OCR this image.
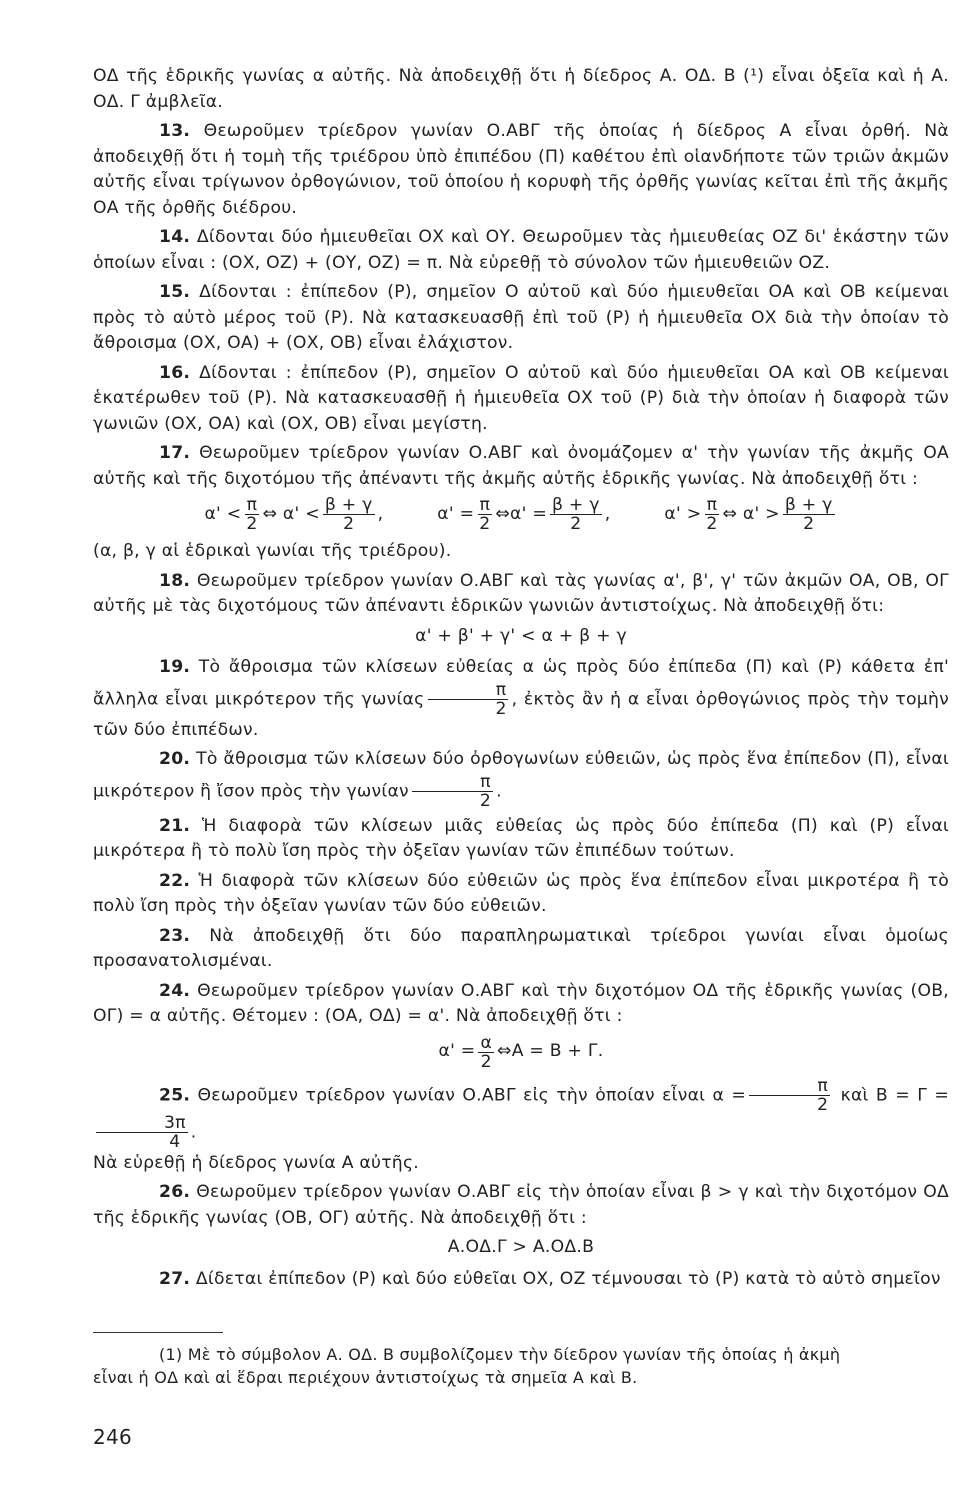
ΟΔ τῆς ἑδρικῆς γωνίας α αὐτῆς. Νὰ ἀποδειχθῇ ὅτι ἡ δίεδρος Α. ΟΔ. Β (¹) εἶναι ὀξεῖα καὶ ἡ Α. ΟΔ. Γ ἀμβλεῖα.

13. Θεωροῦμεν τρίεδρον γωνίαν Ο.ΑΒΓ τῆς ὁποίας ἡ δίεδρος Α εἶναι ὀρθή. Νὰ ἀποδειχθῇ ὅτι ἡ τομὴ τῆς τριέδρου ὑπὸ ἐπιπέδου (Π) καθέτου ἐπὶ οἱανδήποτε τῶν τριῶν ἀκμῶν αὐτῆς εἶναι τρίγωνον ὀρθογώνιον, τοῦ ὁποίου ἡ κορυφὴ τῆς ὀρθῆς γωνίας κεῖται ἐπὶ τῆς ἀκμῆς ΟΑ τῆς ὀρθῆς διέδρου.

14. Δίδονται δύο ἡμιευθεῖαι ΟΧ καὶ ΟΥ. Θεωροῦμεν τὰς ἡμιευθείας ΟΖ δι' ἑκάστην τῶν ὁποίων εἶναι : (ΟΧ, ΟΖ) + (ΟΥ, ΟΖ) = π. Νὰ εὑρεθῇ τὸ σύνολον τῶν ἡμιευθειῶν ΟΖ.

15. Δίδονται : ἐπίπεδον (Ρ), σημεῖον Ο αὐτοῦ καὶ δύο ἡμιευθεῖαι ΟΑ καὶ ΟΒ κείμεναι πρὸς τὸ αὐτὸ μέρος τοῦ (Ρ). Νὰ κατασκευασθῇ ἐπὶ τοῦ (Ρ) ἡ ἡμιευθεῖα ΟΧ διὰ τὴν ὁποίαν τὸ ἄθροισμα (ΟΧ, ΟΑ) + (ΟΧ, ΟΒ) εἶναι ἐλάχιστον.

16. Δίδονται : ἐπίπεδον (Ρ), σημεῖον Ο αὐτοῦ καὶ δύο ἡμιευθεῖαι ΟΑ καὶ ΟΒ κείμεναι ἑκατέρωθεν τοῦ (Ρ). Νὰ κατασκευασθῇ ἡ ἡμιευθεῖα ΟΧ τοῦ (Ρ) διὰ τὴν ὁποίαν ἡ διαφορὰ τῶν γωνιῶν (ΟΧ, ΟΑ) καὶ (ΟΧ, ΟΒ) εἶναι μεγίστη.

17. Θεωροῦμεν τρίεδρον γωνίαν Ο.ΑΒΓ καὶ ὀνομάζομεν α' τὴν γωνίαν τῆς ἀκμῆς ΟΑ αὐτῆς καὶ τῆς διχοτόμου τῆς ἀπέναντι τῆς ἀκμῆς αὐτῆς ἑδρικῆς γωνίας. Νὰ ἀποδειχθῇ ὅτι :

$\alpha' < \frac{\pi}{2}$ ⇔ $\alpha' < \frac{\beta + \gamma}{2}$ ,	$\alpha' = \frac{\pi}{2}$ ⇔α' = $\frac{\beta + \gamma}{2}$ ,	$\alpha' > \frac{\pi}{2}$ ⇔ $\alpha' > \frac{\beta + \gamma}{2}$

(α, β, γ αἱ ἑδρικαὶ γωνίαι τῆς τριέδρου).

18. Θεωροῦμεν τρίεδρον γωνίαν Ο.ΑΒΓ καὶ τὰς γωνίας α', β', γ' τῶν ἀκμῶν ΟΑ, ΟΒ, ΟΓ αὐτῆς μὲ τὰς διχοτόμους τῶν ἀπέναντι ἑδρικῶν γωνιῶν ἀντιστοίχως. Νὰ ἀποδειχθῇ ὅτι:

α' + β' + γ' < α + β + γ

19. Τὸ ἄθροισμα τῶν κλίσεων εὐθείας α ὡς πρὸς δύο ἐπίπεδα (Π) καὶ (Ρ) κάθετα ἐπ' ἄλληλα εἶναι μικρότερον τῆς γωνίας $\frac{\pi}{2}$ , ἐκτὸς ἂν ἡ α εἶναι ὀρθογώνιος πρὸς τὴν τομὴν τῶν δύο ἐπιπέδων.

20. Τὸ ἄθροισμα τῶν κλίσεων δύο ὀρθογωνίων εὐθειῶν, ὡς πρὸς ἕνα ἐπίπεδον (Π), εἶναι μικρότερον ἢ ἴσον πρὸς τὴν γωνίαν $\frac{\pi}{2}$ .

21. Ἡ διαφορὰ τῶν κλίσεων μιᾶς εὐθείας ὡς πρὸς δύο ἐπίπεδα (Π) καὶ (Ρ) εἶναι μικρότερα ἢ τὸ πολὺ ἴση πρὸς τὴν ὀξεῖαν γωνίαν τῶν ἐπιπέδων τούτων.

22. Ἡ διαφορὰ τῶν κλίσεων δύο εὐθειῶν ὡς πρὸς ἕνα ἐπίπεδον εἶναι μικροτέρα ἢ τὸ πολὺ ἴση πρὸς τὴν ὀξεῖαν γωνίαν τῶν δύο εὐθειῶν.

23. Νὰ ἀποδειχθῇ ὅτι δύο παραπληρωματικαὶ τρίεδροι γωνίαι εἶναι ὁμοίως προσανατολισμέναι.

24. Θεωροῦμεν τρίεδρον γωνίαν Ο.ΑΒΓ καὶ τὴν διχοτόμον ΟΔ τῆς ἑδρικῆς γωνίας (ΟΒ, ΟΓ) = α αὐτῆς. Θέτομεν : (ΟΑ, ΟΔ) = α'. Νὰ ἀποδειχθῇ ὅτι :

$\alpha' = \frac{\alpha}{2}$ ⇔Α = Β + Γ.

25. Θεωροῦμεν τρίεδρον γωνίαν Ο.ΑΒΓ εἰς τὴν ὁποίαν εἶναι $\alpha = \frac{\pi}{2}$ καὶ Β = Γ =
$\frac{3\pi}{4}$ .
Νὰ εὑρεθῇ ἡ δίεδρος γωνία Α αὐτῆς.

26. Θεωροῦμεν τρίεδρον γωνίαν Ο.ΑΒΓ εἰς τὴν ὁποίαν εἶναι β > γ καὶ τὴν διχοτόμον ΟΔ τῆς ἑδρικῆς γωνίας (ΟΒ, ΟΓ) αὐτῆς. Νὰ ἀποδειχθῇ ὅτι :

Α.ΟΔ.Γ > Α.ΟΔ.Β

27. Δίδεται ἐπίπεδον (Ρ) καὶ δύο εὐθεῖαι ΟΧ, ΟΖ τέμνουσαι τὸ (Ρ) κατὰ τὸ αὐτὸ σημεῖον

(1) Μὲ τὸ σύμβολον Α. ΟΔ. Β συμβολίζομεν τὴν δίεδρον γωνίαν τῆς ὁποίας ἡ ἀκμὴ

εἶναι ἡ ΟΔ καὶ αἱ ἕδραι περιέχουν ἀντιστοίχως τὰ σημεῖα Α καὶ Β.

246
